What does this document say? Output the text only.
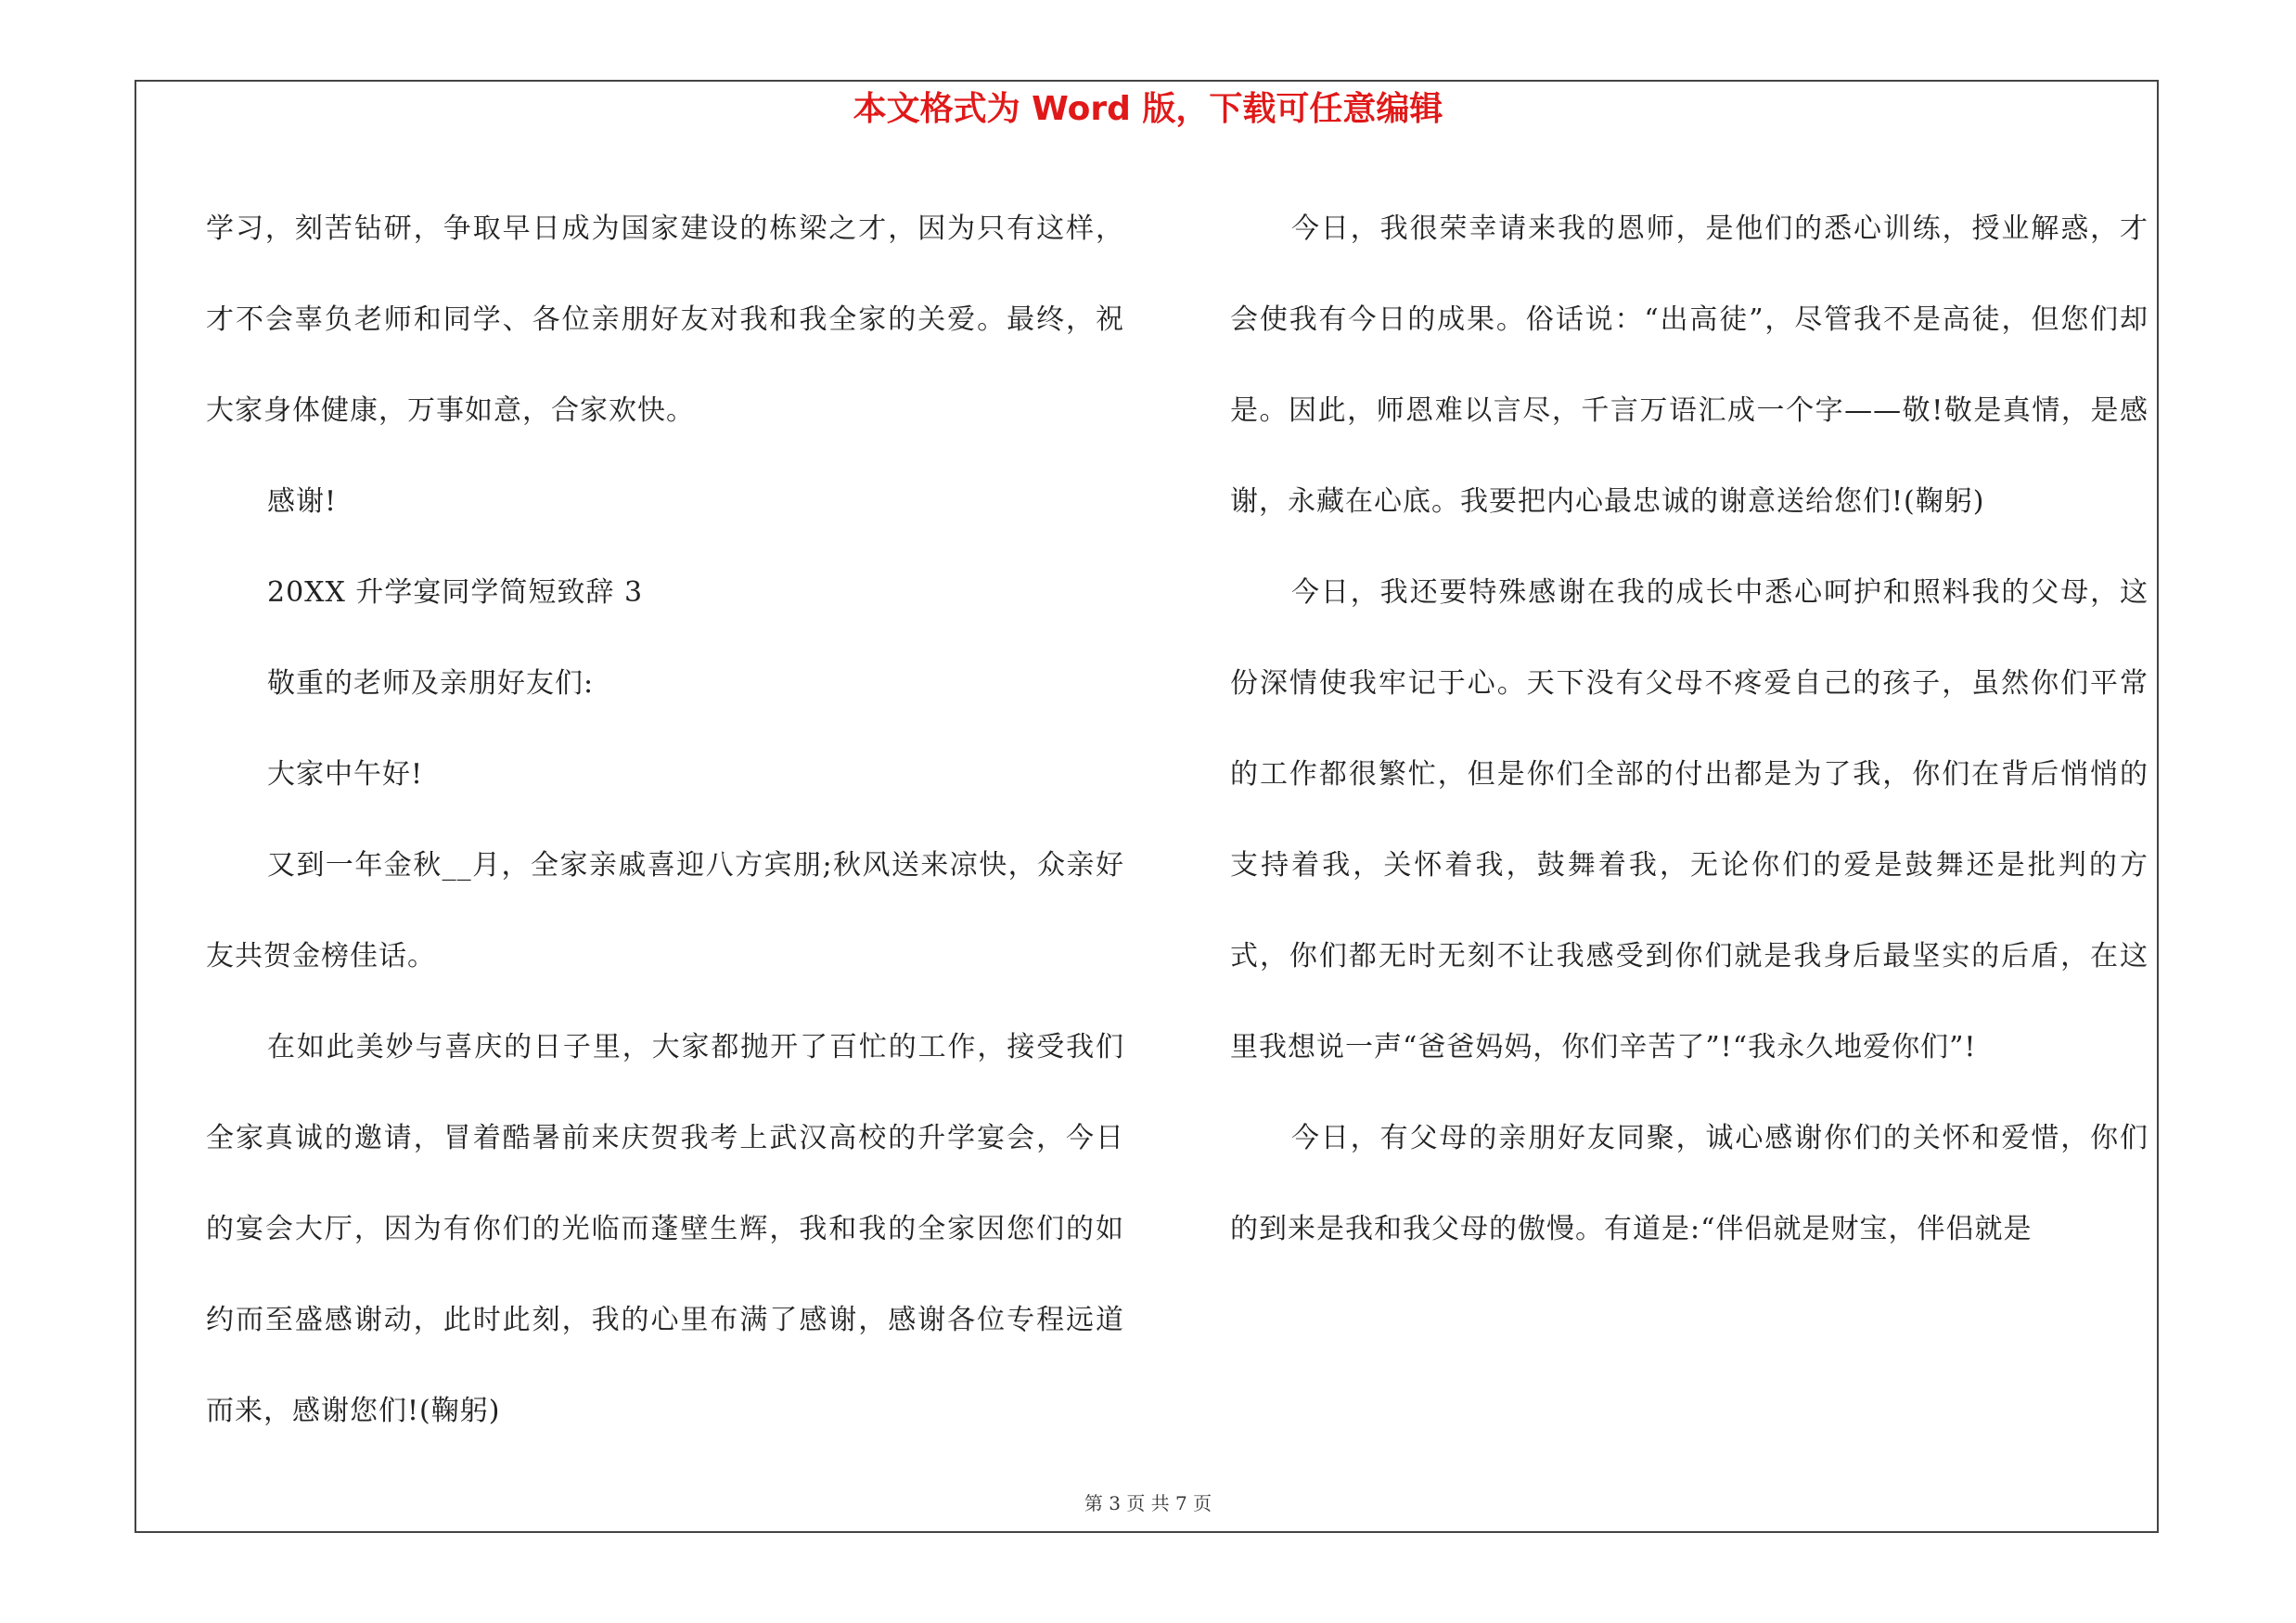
本文格式为 Word 版，下载可任意编辑

学习，刻苦钻研，争取早日成为国家建设的栋梁之才，因为只有这样，才不会辜负老师和同学、各位亲朋好友对我和我全家的关爱。最终，祝大家身体健康，万事如意，合家欢快。

感谢!

20XX 升学宴同学简短致辞 3

敬重的老师及亲朋好友们:

大家中午好!

又到一年金秋__月，全家亲戚喜迎八方宾朋;秋风送来凉快，众亲好友共贺金榜佳话。

在如此美妙与喜庆的日子里，大家都抛开了百忙的工作，接受我们全家真诚的邀请，冒着酷暑前来庆贺我考上武汉高校的升学宴会，今日的宴会大厅，因为有你们的光临而蓬壁生辉，我和我的全家因您们的如约而至盛感谢动，此时此刻，我的心里布满了感谢，感谢各位专程远道而来，感谢您们!(鞠躬)

今日，我很荣幸请来我的恩师，是他们的悉心训练，授业解惑，才会使我有今日的成果。俗话说：“出高徒”，尽管我不是高徒，但您们却是。因此，师恩难以言尽，千言万语汇成一个字——敬!敬是真情，是感谢，永藏在心底。我要把内心最忠诚的谢意送给您们!(鞠躬)

今日，我还要特殊感谢在我的成长中悉心呵护和照料我的父母，这份深情使我牢记于心。天下没有父母不疼爱自己的孩子，虽然你们平常的工作都很繁忙，但是你们全部的付出都是为了我，你们在背后悄悄的支持着我，关怀着我，鼓舞着我，无论你们的爱是鼓舞还是批判的方式，你们都无时无刻不让我感受到你们就是我身后最坚实的后盾，在这里我想说一声“爸爸妈妈，你们辛苦了”!“我永久地爱你们”!

今日，有父母的亲朋好友同聚，诚心感谢你们的关怀和爱惜，你们的到来是我和我父母的傲慢。有道是:“伴侣就是财宝，伴侣就是

第 3 页 共 7 页
